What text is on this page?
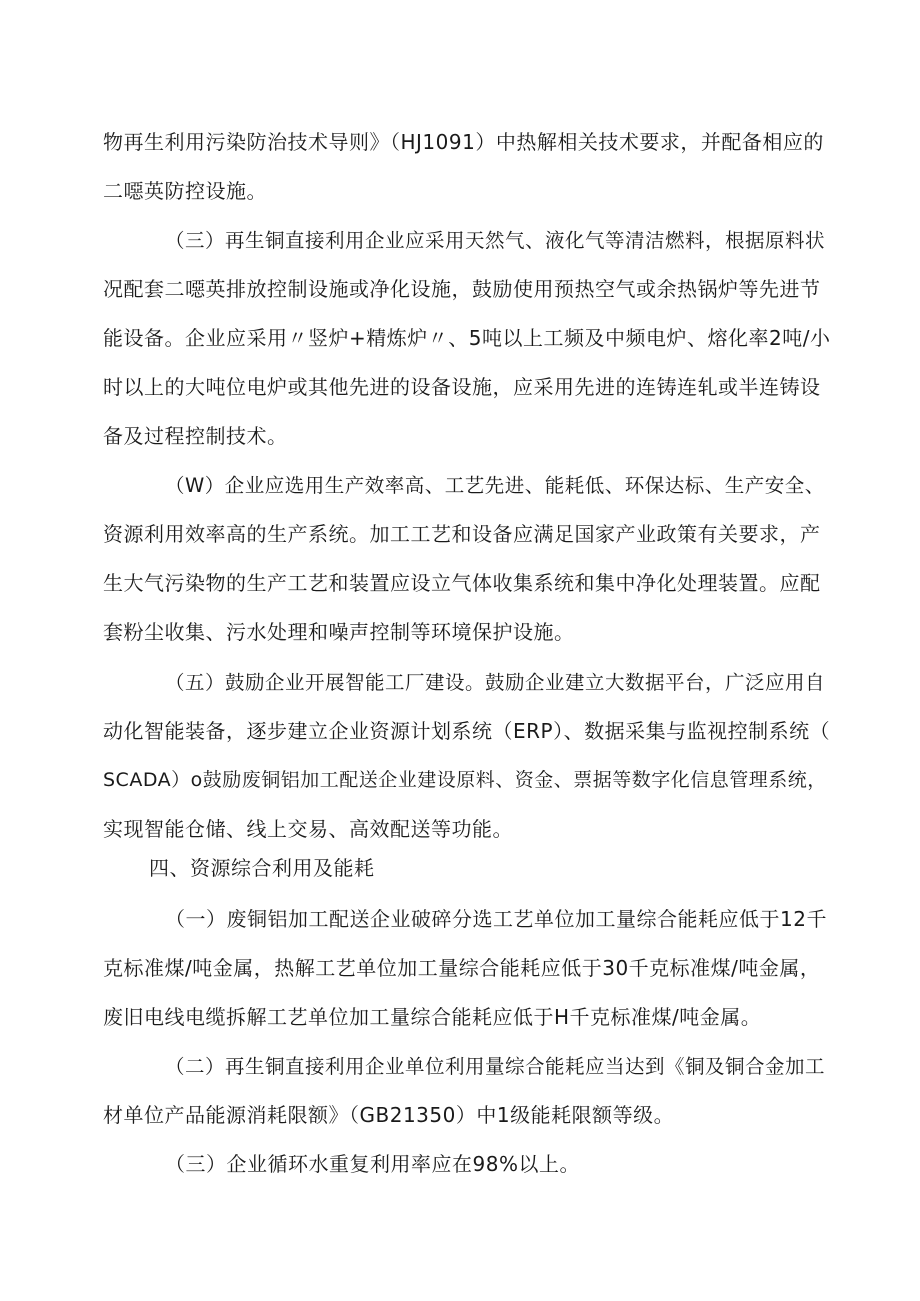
物再生利用污染防治技术导则》（HJ1091）中热解相关技术要求，并配备相应的
二噁英防控设施。

（三）再生铜直接利用企业应采用天然气、液化气等清洁燃料，根据原料状
况配套二噁英排放控制设施或净化设施，鼓励使用预热空气或余热锅炉等先进节
能设备。企业应采用〃竖炉+精炼炉〃、5吨以上工频及中频电炉、熔化率2吨/小
时以上的大吨位电炉或其他先进的设备设施，应采用先进的连铸连轧或半连铸设
备及过程控制技术。

（W）企业应选用生产效率高、工艺先进、能耗低、环保达标、生产安全、
资源利用效率高的生产系统。加工工艺和设备应满足国家产业政策有关要求，产
生大气污染物的生产工艺和装置应设立气体收集系统和集中净化处理装置。应配
套粉尘收集、污水处理和噪声控制等环境保护设施。

（五）鼓励企业开展智能工厂建设。鼓励企业建立大数据平台，广泛应用自
动化智能装备，逐步建立企业资源计划系统（ERP）、数据采集与监视控制系统（
SCADA）o鼓励废铜铝加工配送企业建设原料、资金、票据等数字化信息管理系统，
实现智能仓储、线上交易、高效配送等功能。

四、资源综合利用及能耗

（一）废铜铝加工配送企业破碎分选工艺单位加工量综合能耗应低于12千
克标准煤/吨金属，热解工艺单位加工量综合能耗应低于30千克标准煤/吨金属，
废旧电线电缆拆解工艺单位加工量综合能耗应低于H千克标准煤/吨金属。

（二）再生铜直接利用企业单位利用量综合能耗应当达到《铜及铜合金加工
材单位产品能源消耗限额》（GB21350）中1级能耗限额等级。

（三）企业循环水重复利用率应在98%以上。
